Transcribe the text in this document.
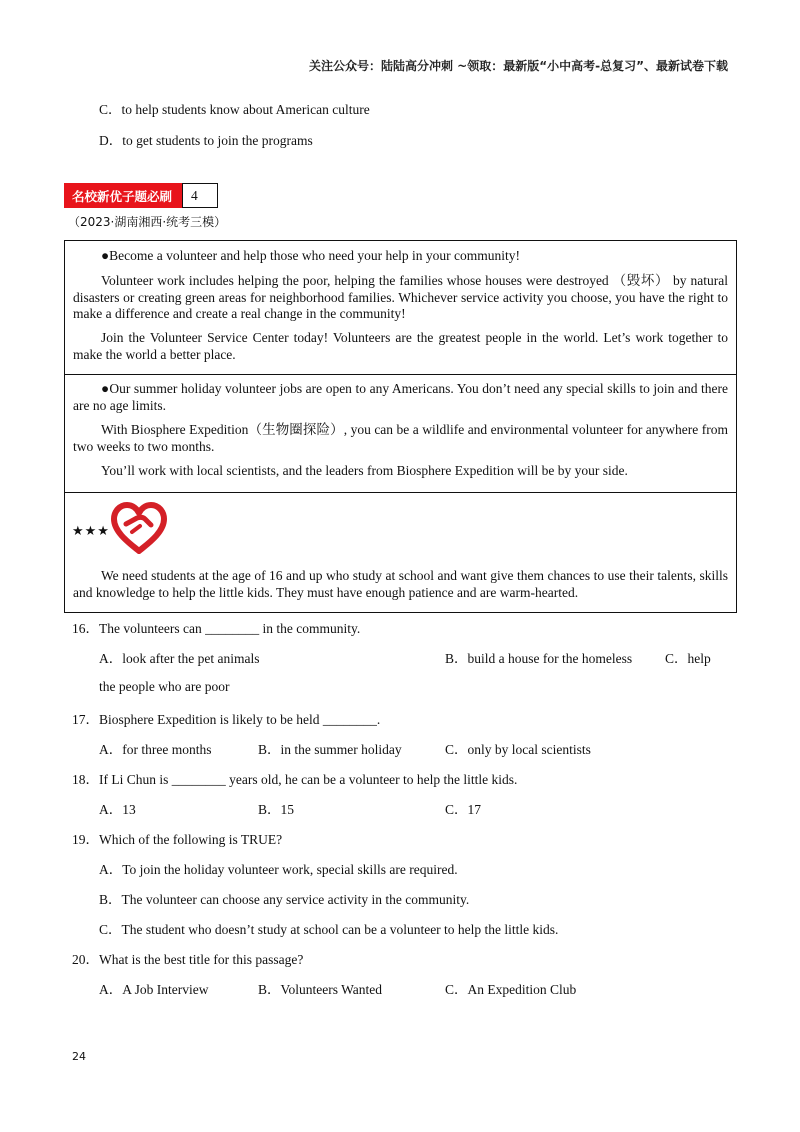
关注公众号：陆陆高分冲刺 ~领取：最新版“小中高考-总复习”、最新试卷下载
C．to help students know about American culture
D．to get students to join the programs
名校新优子题必刷	4
（2023·湖南湘西·统考三模）
●Become a volunteer and help those who need your help in your community!
Volunteer work includes helping the poor, helping the families whose houses were destroyed （毁坏） by natural disasters or creating green areas for neighborhood families. Whichever service activity you choose, you have the right to make a difference and create a real change in the community!
Join the Volunteer Service Center today! Volunteers are the greatest people in the world. Let’s work together to make the world a better place.
●Our summer holiday volunteer jobs are open to any Americans. You don’t need any special skills to join and there are no age limits.
With Biosphere Expedition（生物圈探险）, you can be a wildlife and environmental volunteer for anywhere from two weeks to two months.
You’ll work with local scientists, and the leaders from Biosphere Expedition will be by your side.
★★★
We need students at the age of 16 and up who study at school and want give them chances to use their talents, skills and knowledge to help the little kids. They must have enough patience and are warm-hearted.
16．The volunteers can ________ in the community.
A．look after the pet animals	B．build a house for the homeless C．help
the people who are poor
17．Biosphere Expedition is likely to be held ________.
A．for three months	B．in the summer holiday	C．only by local scientists
18．If Li Chun is ________ years old, he can be a volunteer to help the little kids.
A．13	B．15	C．17
19．Which of the following is TRUE?
A．To join the holiday volunteer work, special skills are required.
B．The volunteer can choose any service activity in the community.
C．The student who doesn’t study at school can be a volunteer to help the little kids.
20．What is the best title for this passage?
A．A Job Interview	B．Volunteers Wanted	C．An Expedition Club
24
